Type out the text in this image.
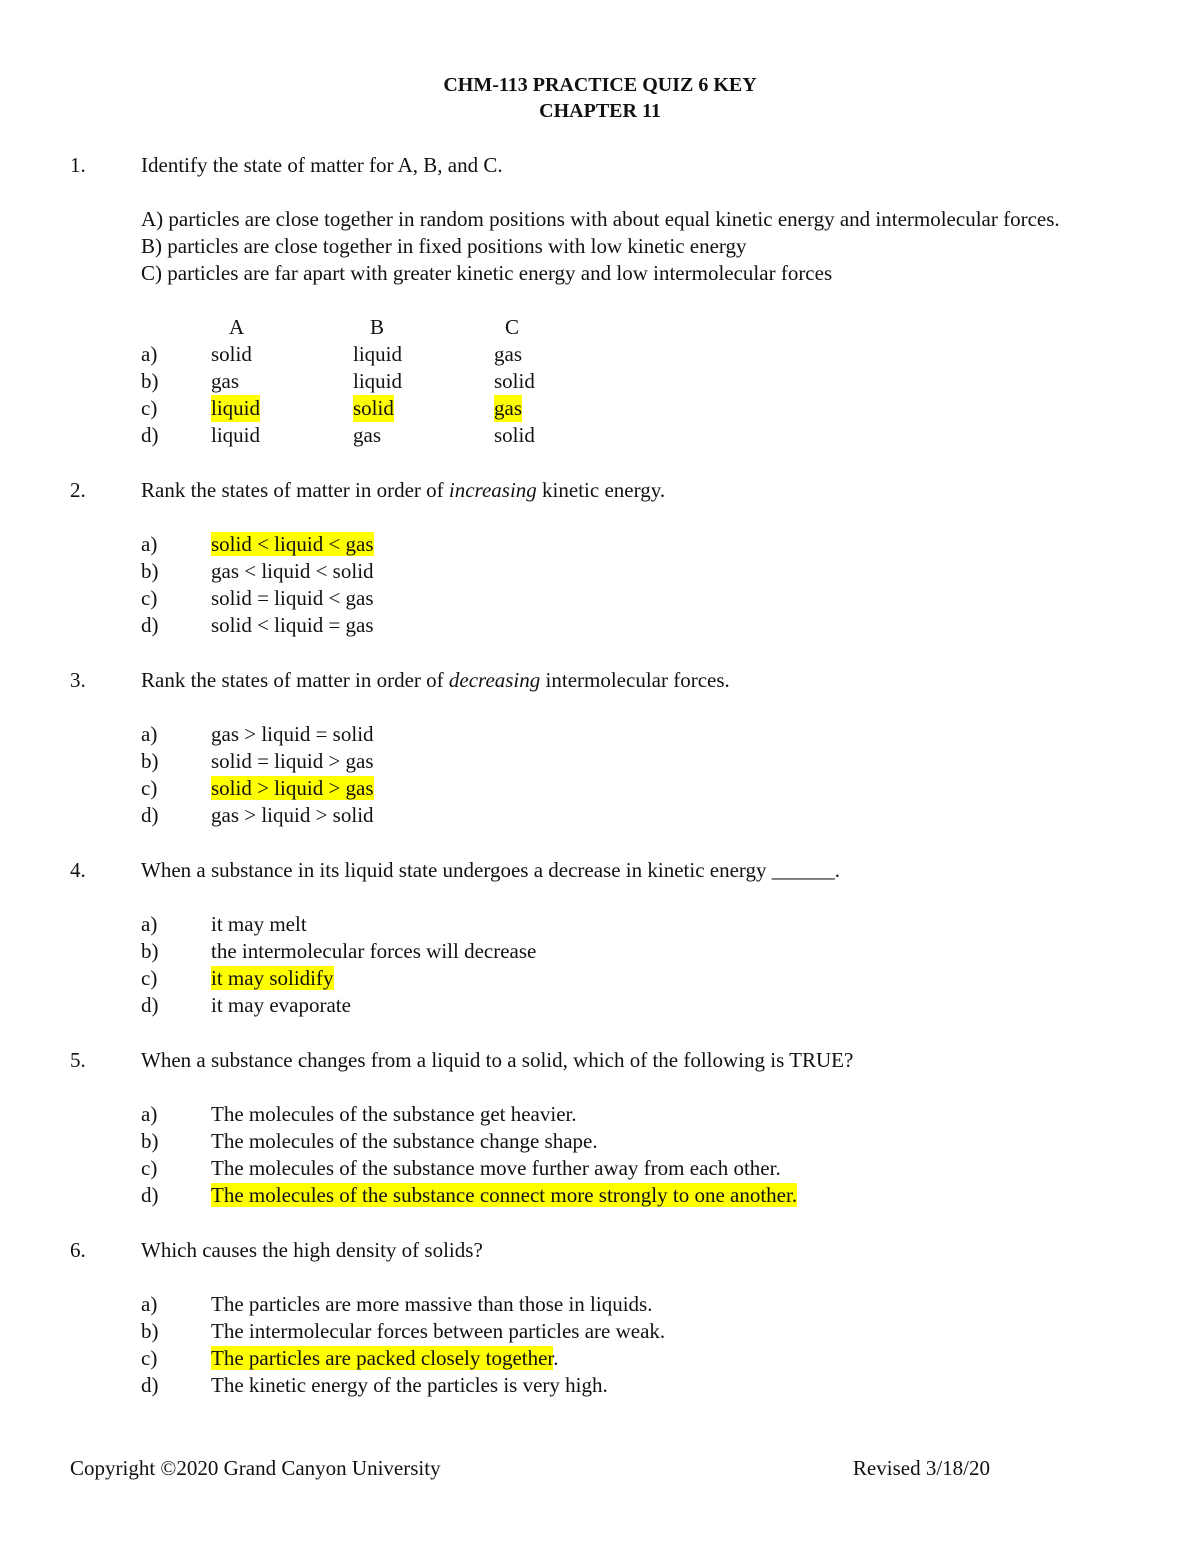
CHM-113 PRACTICE QUIZ 6 KEY
CHAPTER 11
1.	Identify the state of matter for A, B, and C.
A) particles are close together in random positions with about equal kinetic energy and intermolecular forces.
B) particles are close together in fixed positions with low kinetic energy
C) particles are far apart with greater kinetic energy and low intermolecular forces
A	B	C
a)	solid	liquid	gas
b)	gas	liquid	solid
c)	liquid	solid	gas
d)	liquid	gas	solid
2.	Rank the states of matter in order of increasing kinetic energy.
a)	solid < liquid < gas
b)	gas < liquid < solid
c)	solid = liquid < gas
d)	solid < liquid = gas
3.	Rank the states of matter in order of decreasing intermolecular forces.
a)	gas > liquid = solid
b)	solid = liquid > gas
c)	solid > liquid > gas
d)	gas > liquid > solid
4.	When a substance in its liquid state undergoes a decrease in kinetic energy ______.
a)	it may melt
b)	the intermolecular forces will decrease
c)	it may solidify
d)	it may evaporate
5.	When a substance changes from a liquid to a solid, which of the following is TRUE?
a)	The molecules of the substance get heavier.
b)	The molecules of the substance change shape.
c)	The molecules of the substance move further away from each other.
d)	The molecules of the substance connect more strongly to one another.
6.	Which causes the high density of solids?
a)	The particles are more massive than those in liquids.
b)	The intermolecular forces between particles are weak.
c)	The particles are packed closely together.
d)	The kinetic energy of the particles is very high.
Copyright ©2020 Grand Canyon University	Revised 3/18/20
